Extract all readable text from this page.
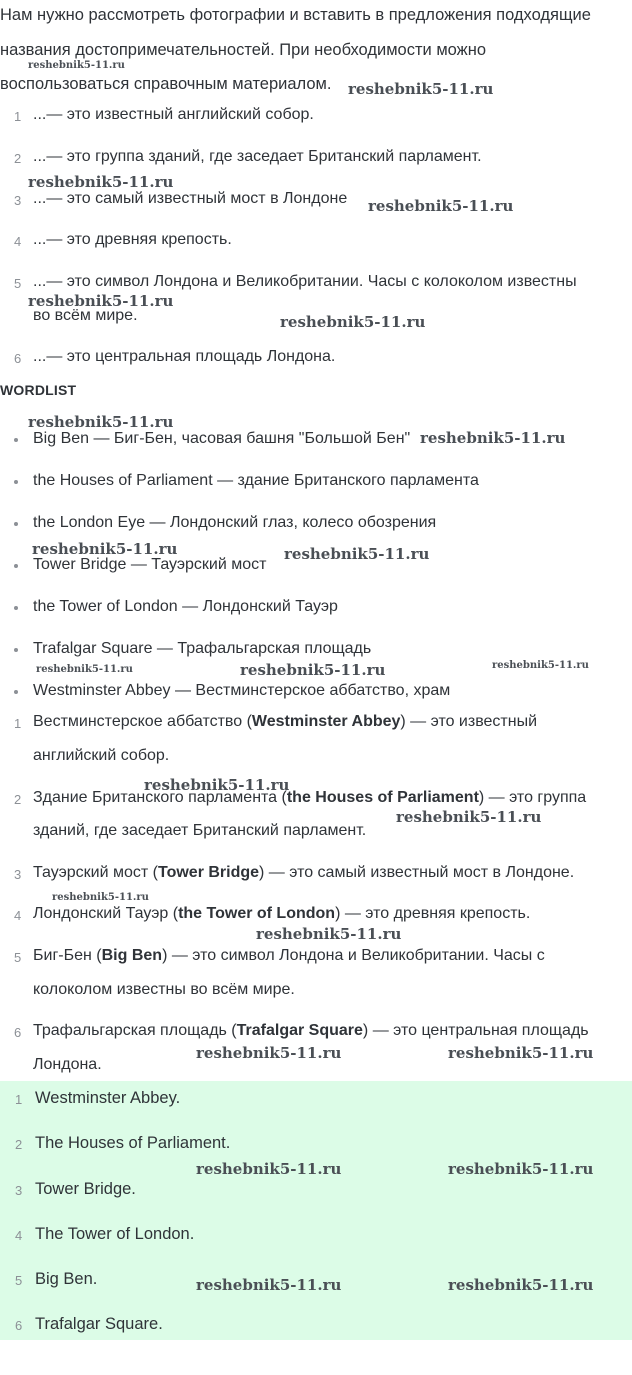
Нам нужно рассмотреть фотографии и вставить в предложения подходящие
названия достопримечательностей. При необходимости можно
воспользоваться справочным материалом.
1 ...— это известный английский собор.
2 ...— это группа зданий, где заседает Британский парламент.
3 ...— это самый известный мост в Лондоне
4 ...— это древняя крепость.
5 ...— это символ Лондона и Великобритании. Часы с колоколом известны
во всём мире.
6 ...— это центральная площадь Лондона.
WORDLIST
Big Ben — Биг-Бен, часовая башня "Большой Бен"
the Houses of Parliament — здание Британского парламента
the London Eye — Лондонский глаз, колесо обозрения
Tower Bridge — Тауэрский мост
the Tower of London — Лондонский Тауэр
Trafalgar Square — Трафальгарская площадь
Westminster Abbey — Вестминстерское аббатство, храм
1 Вестминстерское аббатство (Westminster Abbey) — это известный
английский собор.
2 Здание Британского парламента (the Houses of Parliament) — это группа
зданий, где заседает Британский парламент.
3 Тауэрский мост (Tower Bridge) — это самый известный мост в Лондоне.
4 Лондонский Тауэр (the Tower of London) — это древняя крепость.
5 Биг-Бен (Big Ben) — это символ Лондона и Великобритании. Часы с
колоколом известны во всём мире.
6 Трафальгарская площадь (Trafalgar Square) — это центральная площадь
Лондона.
1 Westminster Abbey.
2 The Houses of Parliament.
3 Tower Bridge.
4 The Tower of London.
5 Big Ben.
6 Trafalgar Square.
reshebnik5-11.ru
reshebnik5-11.ru
reshebnik5-11.ru
reshebnik5-11.ru
reshebnik5-11.ru
reshebnik5-11.ru
reshebnik5-11.ru
reshebnik5-11.ru
reshebnik5-11.ru	reshebnik5-11.ru
reshebnik5-11.ru	reshebnik5-11.ru	reshebnik5-11.ru
reshebnik5-11.ru
reshebnik5-11.ru
reshebnik5-11.ru
reshebnik5-11.ru
reshebnik5-11.ru	reshebnik5-11.ru
reshebnik5-11.ru	reshebnik5-11.ru
reshebnik5-11.ru	reshebnik5-11.ru
